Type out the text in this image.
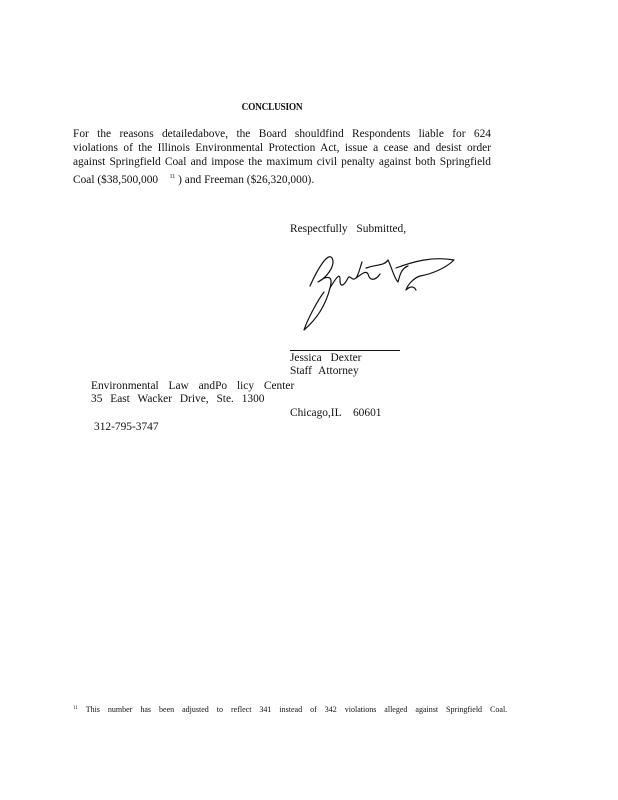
CONCLUSION
For the reasons detailedabove, the Board shouldfind Respondents liable for 624
violations of the Illinois Environmental Protection Act, issue a cease and desist order
against Springfield Coal and impose the maximum civil penalty against both Springfield
Coal ($38,500,000 $^{11}$ ) and Freeman ($26,320,000).
Respectfully Submitted,
Jessica Dexter
Staff Attorney
Environmental Law andPo licy Center
35 East Wacker Drive, Ste. 1300
Chicago,IL 60601
312-795-3747
$^{11}$ This number has been adjusted to reflect 341 instead of 342 violations alleged against Springfield Coal.
